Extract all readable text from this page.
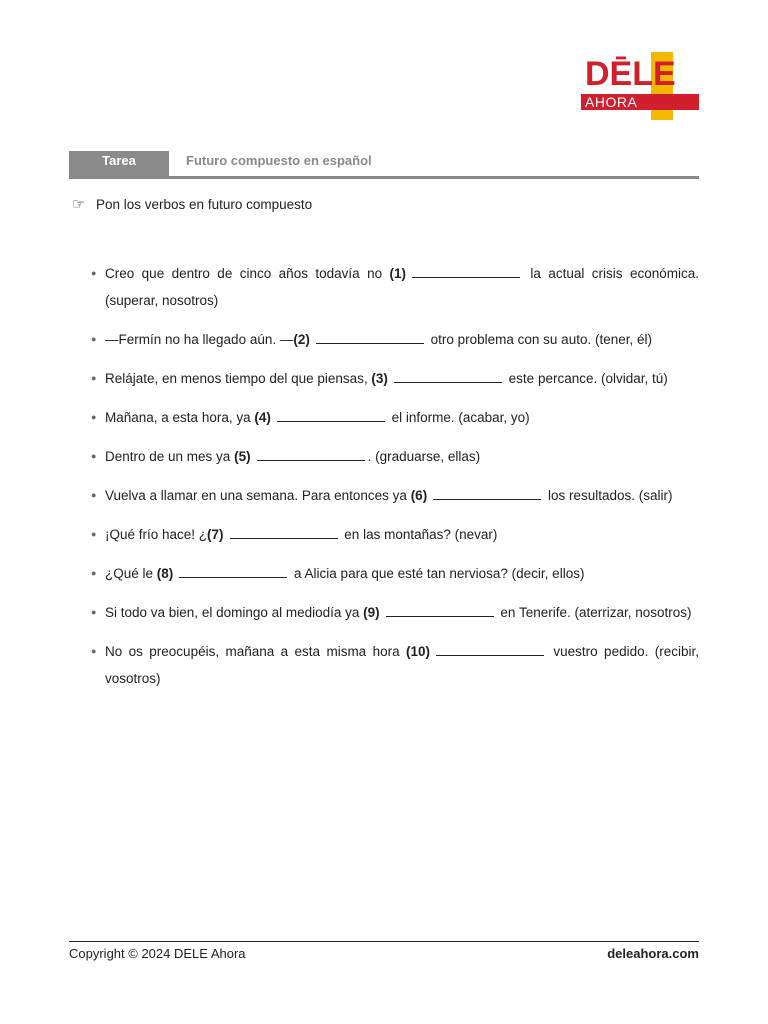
DĒLE
AHORA
Tarea	Futuro compuesto en español
☞ Pon los verbos en futuro compuesto
● Creo que dentro de cinco años todavía no (1)	la actual crisis económica. (superar, nosotros)
● —Fermín no ha llegado aún. —(2)	otro problema con su auto. (tener, él)
● Relájate, en menos tiempo del que piensas, (3)	este percance. (olvidar, tú)
● Mañana, a esta hora, ya (4)	el informe. (acabar, yo)
● Dentro de un mes ya (5)	. (graduarse, ellas)
● Vuelva a llamar en una semana. Para entonces ya (6)	los resultados. (salir)
● ¡Qué frío hace! ¿(7)	en las montañas? (nevar)
● ¿Qué le (8)	a Alicia para que esté tan nerviosa? (decir, ellos)
● Si todo va bien, el domingo al mediodía ya (9)	en Tenerife. (aterrizar, nosotros)
● No os preocupéis, mañana a esta misma hora (10)	vuestro pedido. (recibir, vosotros)
Copyright © 2024 DELE Ahora	deleahora.com
